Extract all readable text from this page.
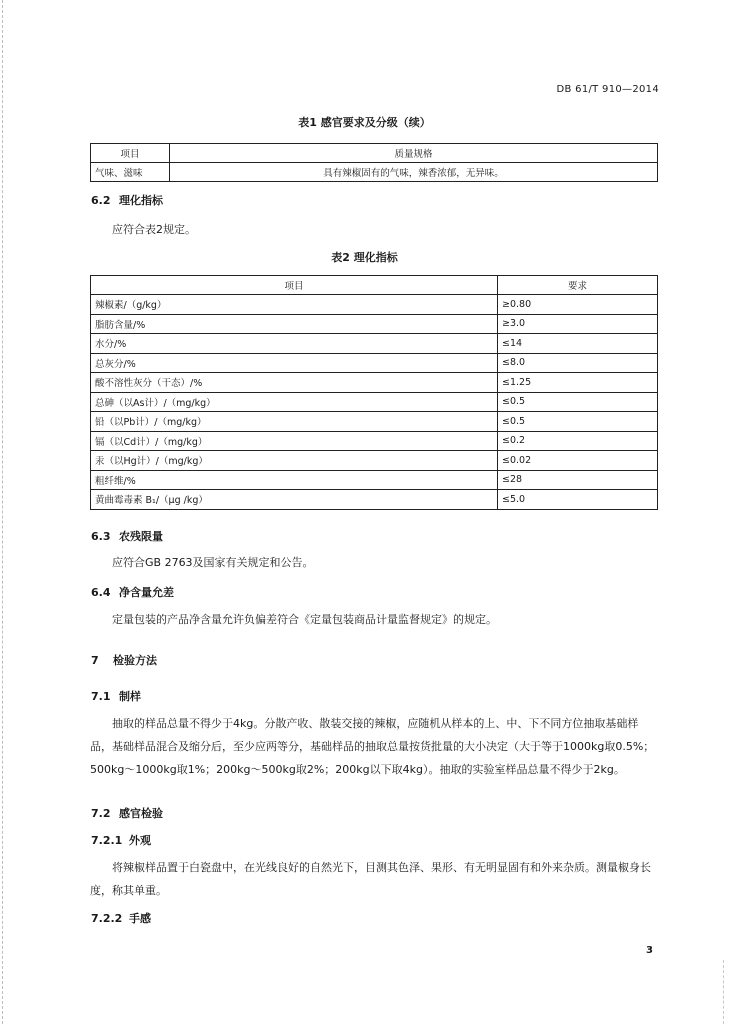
DB 61/T 910—2014
表1 感官要求及分级（续）
项目	质量规格
气味、滋味	具有辣椒固有的气味，辣香浓郁，无异味。
6.2 理化指标
应符合表2规定。
表2 理化指标
项目	要求
辣椒素/（g/kg）	≥0.80
脂肪含量/%	≥3.0
水分/%	≤14
总灰分/%	≤8.0
酸不溶性灰分（干态）/%	≤1.25
总砷（以As计）/（mg/kg）	≤0.5
铅（以Pb计）/（mg/kg）	≤0.5
镉（以Cd计）/（mg/kg）	≤0.2
汞（以Hg计）/（mg/kg）	≤0.02
粗纤维/%	≤28
黄曲霉毒素 B₁/（μg /kg）	≤5.0
6.3 农残限量
应符合GB 2763及国家有关规定和公告。
6.4 净含量允差
定量包装的产品净含量允许负偏差符合《定量包装商品计量监督规定》的规定。
7 检验方法
7.1 制样
抽取的样品总量不得少于4kg。分散产收、散装交接的辣椒，应随机从样本的上、中、下不同方位抽取基础样品，基础样品混合及缩分后，至少应两等分，基础样品的抽取总量按货批量的大小决定（大于等于1000kg取0.5%；500kg～1000kg取1%；200kg～500kg取2%；200kg以下取4kg）。抽取的实验室样品总量不得少于2kg。
7.2 感官检验
7.2.1 外观
将辣椒样品置于白瓷盘中，在光线良好的自然光下，目测其色泽、果形、有无明显固有和外来杂质。测量椒身长度，称其单重。
7.2.2 手感
3
